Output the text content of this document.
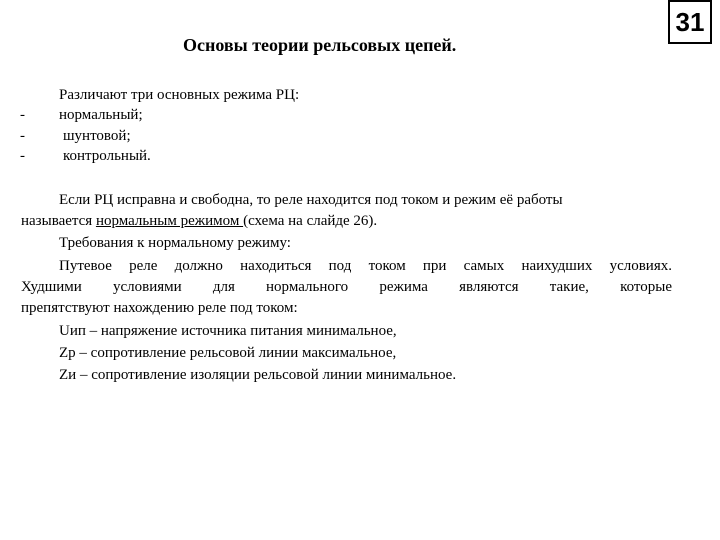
Основы теории рельсовых цепей.
31
Различают три основных режима РЦ:
- нормальный;
-	шунтовой;
-	контрольный.
Если РЦ исправна и свободна, то реле находится под током и режим её работы
называется нормальным режимом (схема на слайде 26).
Требования к нормальному режиму:
Путевое реле должно находиться под током при самых наихудших условиях.
Худшими условиями для нормального режима являются такие, которые
препятствуют нахождению реле под током:
Uип – напряжение источника питания минимальное,
Zр – сопротивление рельсовой линии максимальное,
Zи – сопротивление изоляции рельсовой линии минимальное.
